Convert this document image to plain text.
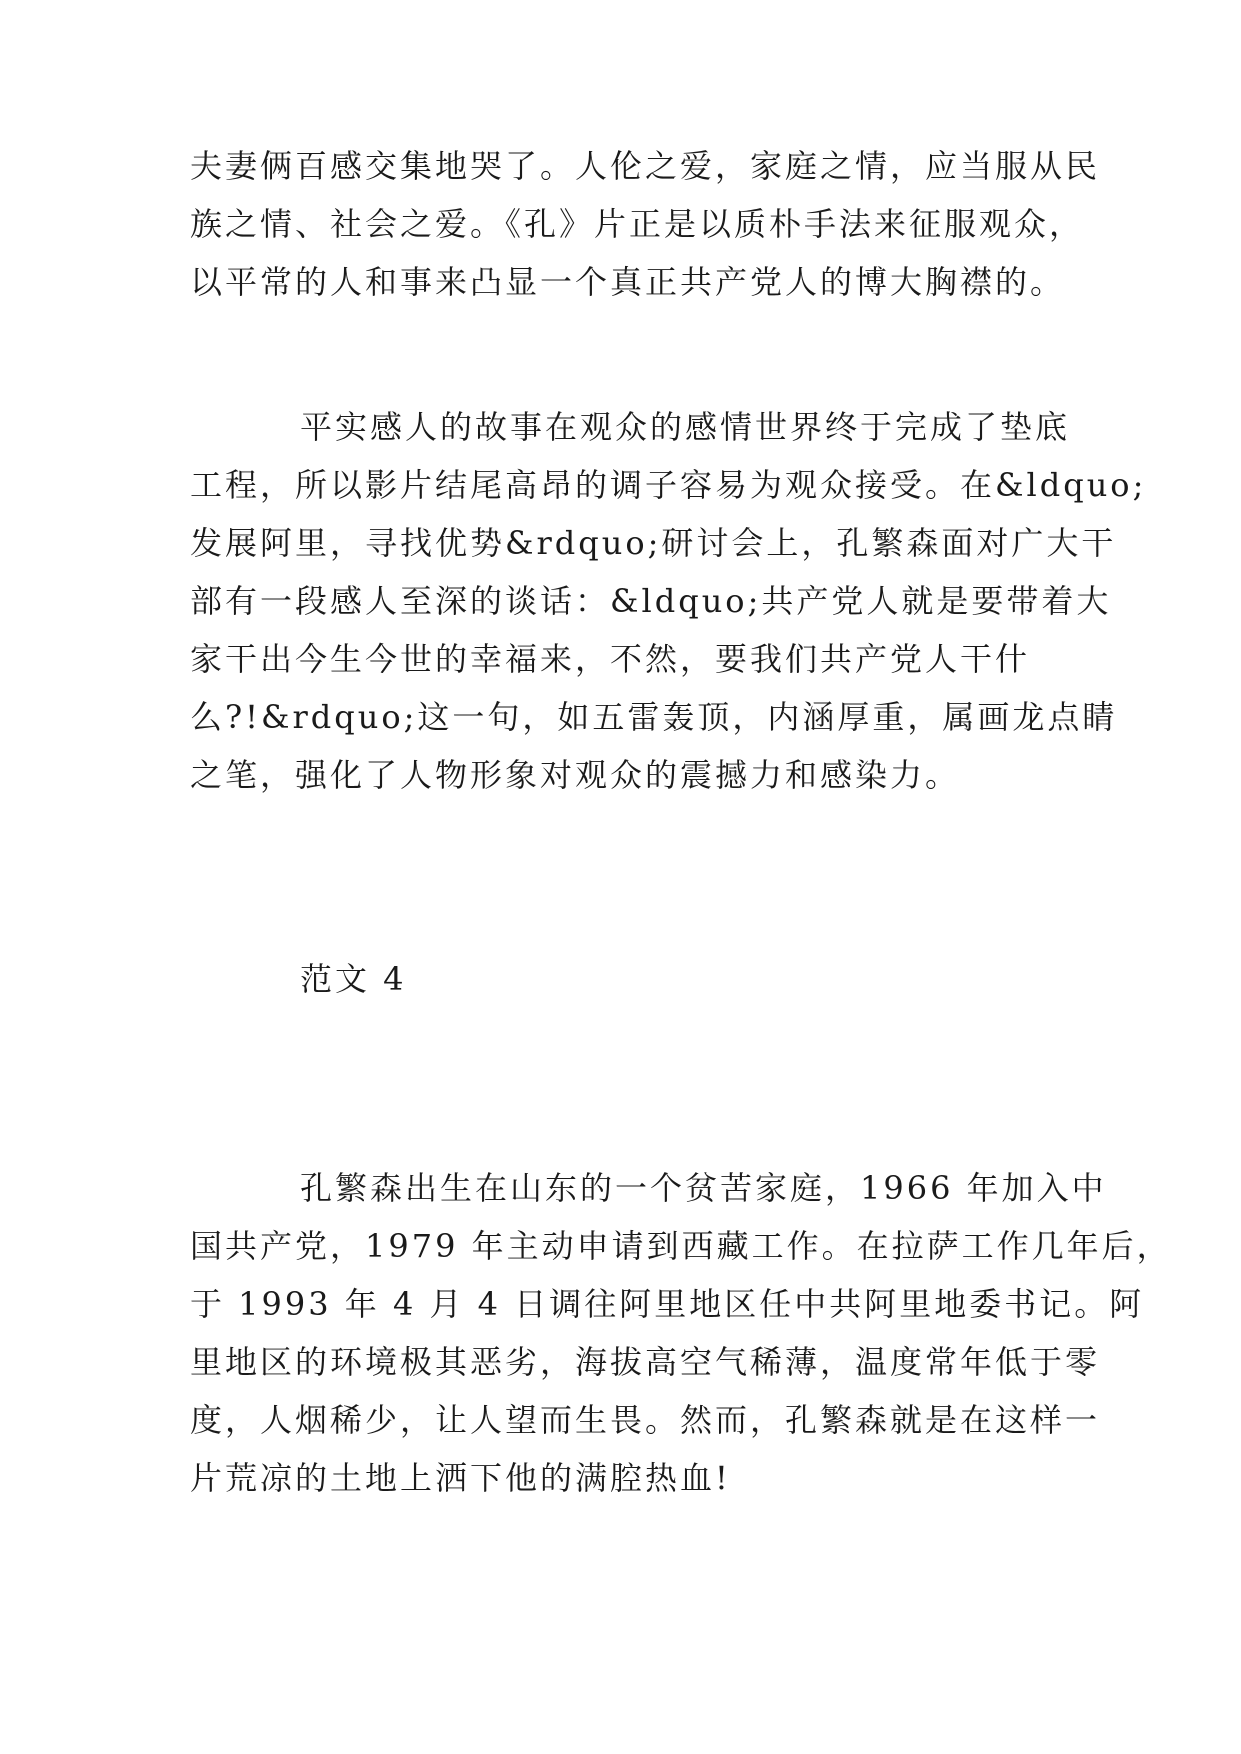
夫妻俩百感交集地哭了。人伦之爱，家庭之情，应当服从民
族之情、社会之爱。《孔》片正是以质朴手法来征服观众，
以平常的人和事来凸显一个真正共产党人的博大胸襟的。
平实感人的故事在观众的感情世界终于完成了垫底
工程，所以影片结尾高昂的调子容易为观众接受。在&ldquo;
发展阿里，寻找优势&rdquo;研讨会上，孔繁森面对广大干
部有一段感人至深的谈话：&ldquo;共产党人就是要带着大
家干出今生今世的幸福来，不然，要我们共产党人干什
么?!&rdquo;这一句，如五雷轰顶，内涵厚重，属画龙点睛
之笔，强化了人物形象对观众的震撼力和感染力。
范文 4
孔繁森出生在山东的一个贫苦家庭，1966 年加入中
国共产党，1979 年主动申请到西藏工作。在拉萨工作几年后，
于 1993 年 4 月 4 日调往阿里地区任中共阿里地委书记。阿
里地区的环境极其恶劣，海拔高空气稀薄，温度常年低于零
度，人烟稀少，让人望而生畏。然而，孔繁森就是在这样一
片荒凉的土地上洒下他的满腔热血!
